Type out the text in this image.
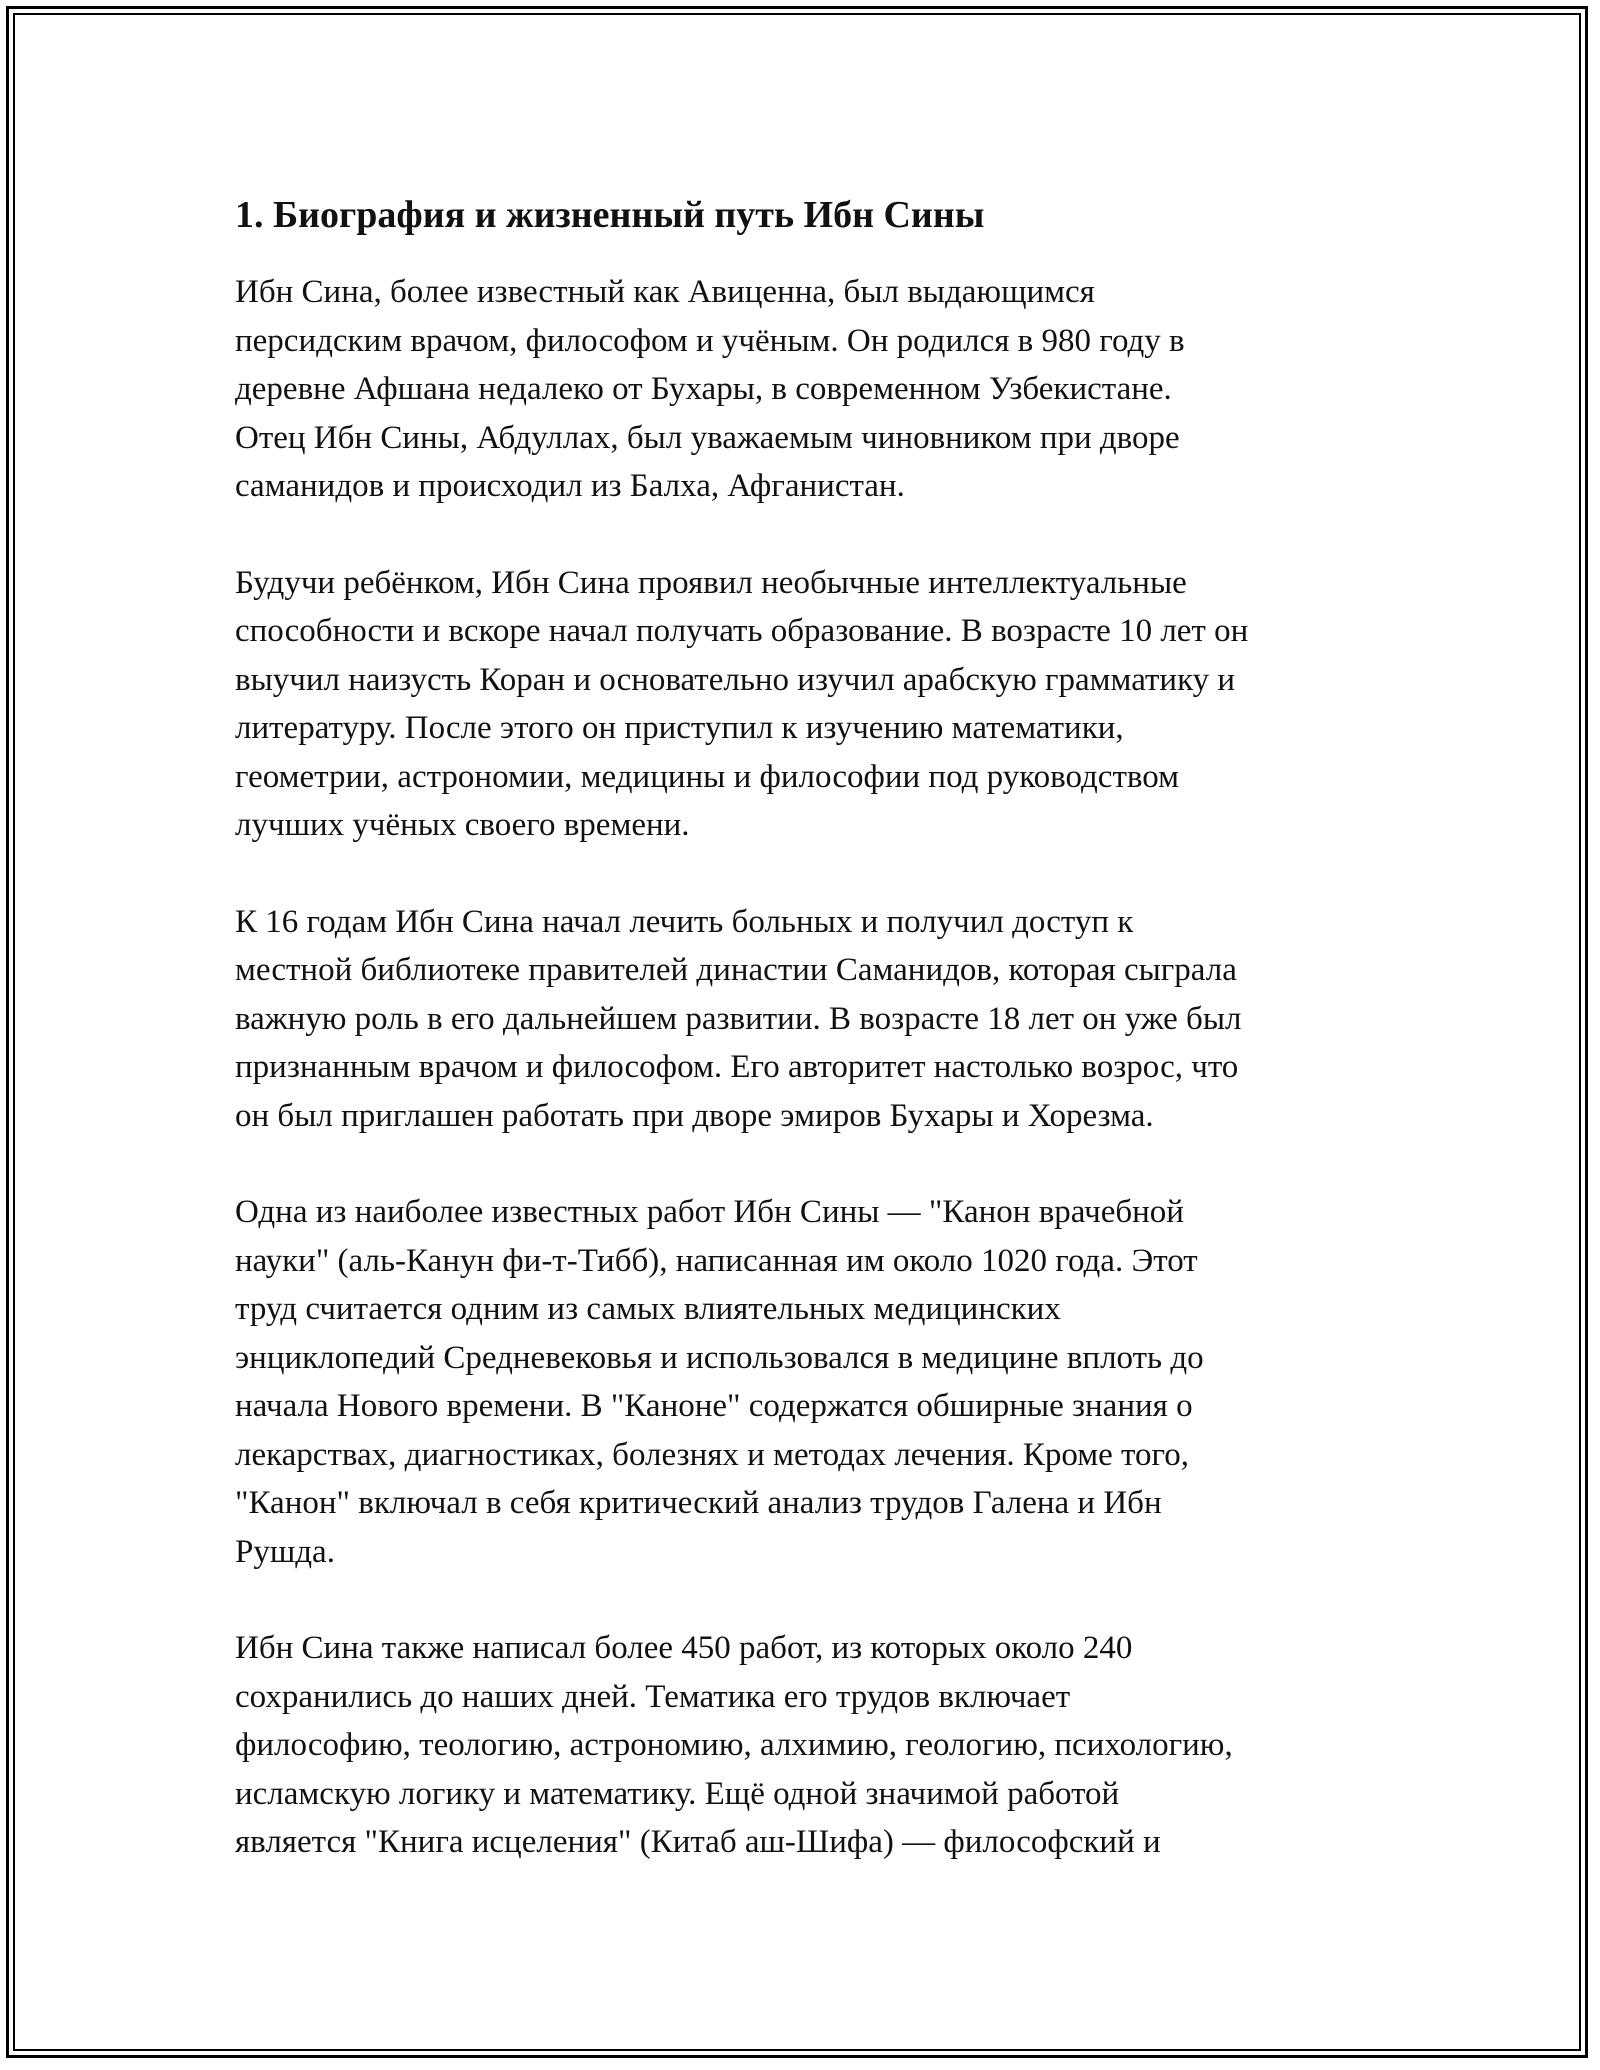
1. Биография и жизненный путь Ибн Сины

Ибн Сина, более известный как Авиценна, был выдающимся
персидским врачом, философом и учёным. Он родился в 980 году в
деревне Афшана недалеко от Бухары, в современном Узбекистане.
Отец Ибн Сины, Абдуллах, был уважаемым чиновником при дворе
саманидов и происходил из Балха, Афганистан.

Будучи ребёнком, Ибн Сина проявил необычные интеллектуальные
способности и вскоре начал получать образование. В возрасте 10 лет он
выучил наизусть Коран и основательно изучил арабскую грамматику и
литературу. После этого он приступил к изучению математики,
геометрии, астрономии, медицины и философии под руководством
лучших учёных своего времени.

К 16 годам Ибн Сина начал лечить больных и получил доступ к
местной библиотеке правителей династии Саманидов, которая сыграла
важную роль в его дальнейшем развитии. В возрасте 18 лет он уже был
признанным врачом и философом. Его авторитет настолько возрос, что
он был приглашен работать при дворе эмиров Бухары и Хорезма.

Одна из наиболее известных работ Ибн Сины — "Канон врачебной
науки" (аль-Канун фи-т-Тибб), написанная им около 1020 года. Этот
труд считается одним из самых влиятельных медицинских
энциклопедий Средневековья и использовался в медицине вплоть до
начала Нового времени. В "Каноне" содержатся обширные знания о
лекарствах, диагностиках, болезнях и методах лечения. Кроме того,
"Канон" включал в себя критический анализ трудов Галена и Ибн
Рушда.

Ибн Сина также написал более 450 работ, из которых около 240
сохранились до наших дней. Тематика его трудов включает
философию, теологию, астрономию, алхимию, геологию, психологию,
исламскую логику и математику. Ещё одной значимой работой
является "Книга исцеления" (Китаб аш-Шифа) — философский и
